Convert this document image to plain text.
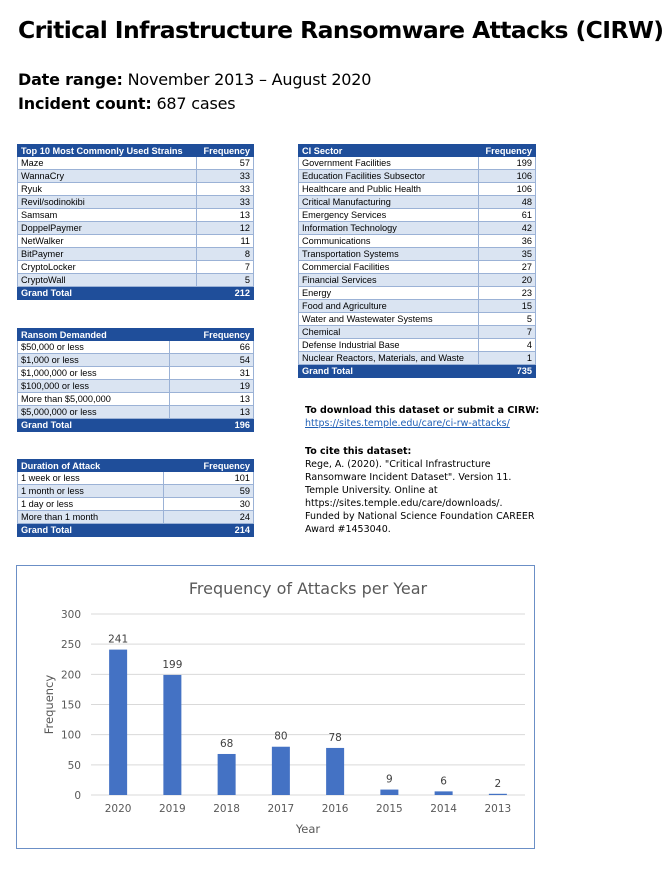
Critical Infrastructure Ransomware Attacks (CIRW)
Date range: November 2013 – August 2020
Incident count: 687 cases
Top 10 Most Commonly Used Strains	Frequency
Maze	57
WannaCry	33
Ryuk	33
Revil/sodinokibi	33
Samsam	13
DoppelPaymer	12
NetWalker	11
BitPaymer	8
CryptoLocker	7
CryptoWall	5
Grand Total	212
Ransom Demanded	Frequency
$50,000 or less	66
$1,000 or less	54
$1,000,000 or less	31
$100,000 or less	19
More than $5,000,000	13
$5,000,000 or less	13
Grand Total	196
Duration of Attack	Frequency
1 week or less	101
1 month or less	59
1 day or less	30
More than 1 month	24
Grand Total	214
CI Sector	Frequency
Government Facilities	199
Education Facilities Subsector	106
Healthcare and Public Health	106
Critical Manufacturing	48
Emergency Services	61
Information Technology	42
Communications	36
Transportation Systems	35
Commercial Facilities	27
Financial Services	20
Energy	23
Food and Agriculture	15
Water and Wastewater Systems	5
Chemical	7
Defense Industrial Base	4
Nuclear Reactors, Materials, and Waste	1
Grand Total	735
To download this dataset or submit a CIRW:
https://sites.temple.edu/care/ci-rw-attacks/
To cite this dataset:
Rege, A. (2020). "Critical Infrastructure
Ransomware Incident Dataset". Version 11.
Temple University. Online at
https://sites.temple.edu/care/downloads/.
Funded by National Science Foundation CAREER
Award #1453040.
Frequency of Attacks per Year
0
50
100
150
200
250
300
241
2020
199
2019
68
2018
80
2017
78
2016
9
2015
6
2014
2
2013
Year
Frequency
